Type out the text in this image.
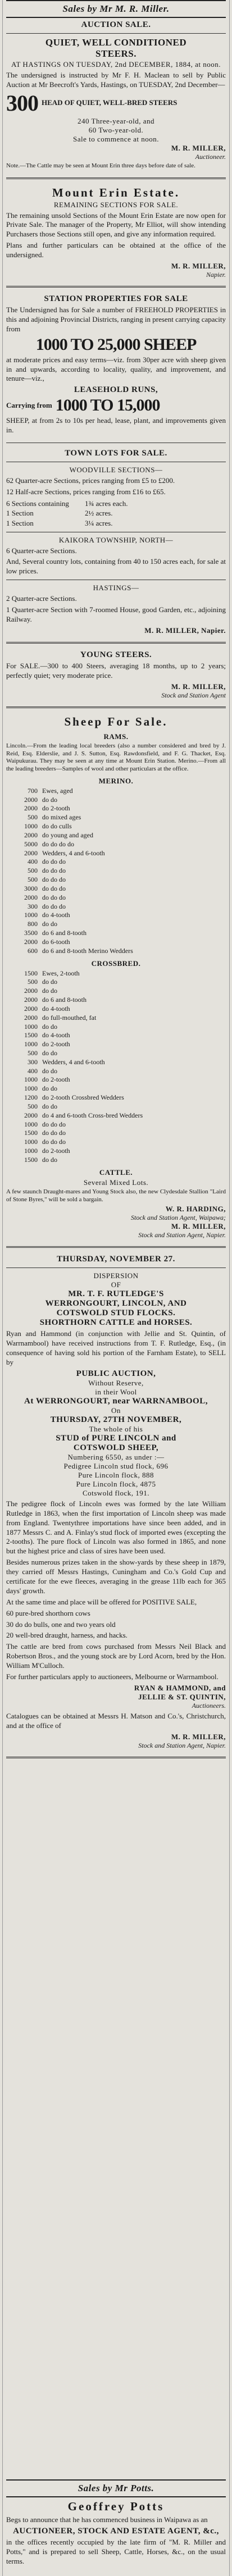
Sales by Mr M. R. Miller.
AUCTION SALE.
QUIET, WELL CONDITIONED
STEERS.
AT HASTINGS ON TUESDAY, 2nd DECEMBER, 1884, at noon.
The undersigned is instructed by Mr F. H. Maclean to sell by Public Auction at Mr Beecroft's Yards, Hastings, on TUESDAY, 2nd December—
300 HEAD OF QUIET, WELL-BRED STEERS
240 Three-year-old, and
60 Two-year-old.
Sale to commence at noon.
M. R. MILLER,
Auctioneer.
Note.—The Cattle may be seen at Mount Erin three days before date of sale.
Mount Erin Estate.
REMAINING SECTIONS FOR SALE.
The remaining unsold Sections of the Mount Erin Estate are now open for Private Sale. The manager of the Property, Mr Elliot, will show intending Purchasers those Sections still open, and give any information required.
Plans and further particulars can be obtained at the office of the undersigned.
M. R. MILLER,
Napier.
STATION PROPERTIES FOR SALE
The Undersigned has for Sale a number of FREEHOLD PROPERTIES in this and adjoining Provincial Districts, ranging in present carrying capacity from
1000 TO 25,000 SHEEP
at moderate prices and easy terms—viz. from 30per acre with sheep given in and upwards, according to locality, quality, and improvement, and tenure—viz.,
LEASEHOLD RUNS,
Carrying from 1000 TO 15,000
SHEEP, at from 2s to 10s per head, lease, plant, and improvements given in.
TOWN LOTS FOR SALE.
WOODVILLE SECTIONS—
62 Quarter-acre Sections, prices ranging from £5 to £200.
12 Half-acre Sections, prices ranging from £16 to £65.
6 Sections containing	1¾ acres each.
1 Section	2½ acres.
1 Section	3¼ acres.
KAIKORA TOWNSHIP, NORTH—
6 Quarter-acre Sections.
And, Several country lots, containing from 40 to 150 acres each, for sale at low prices.
HASTINGS—
2 Quarter-acre Sections.
1 Quarter-acre Section with 7-roomed House, good Garden, etc., adjoining Railway.
M. R. MILLER, Napier.
YOUNG STEERS.
For SALE.—300 to 400 Steers, averaging 18 months, up to 2 years; perfectly quiet; very moderate price.
M. R. MILLER,
Stock and Station Agent
Sheep For Sale.
RAMS.
Lincoln.—From the leading local breeders (also a number considered and bred by J. Reid, Esq. Elderslie, and J. S. Sutton, Esq. Rawdonsfield, and F. G. Thacket, Esq. Waipukurau. They may be seen at any time at Mount Erin Station. Merino.—From all the leading breeders—Samples of wool and other particulars at the office.
MERINO.
700 Ewes, aged
2000 do do
2000 do 2-tooth
500 do mixed ages
1000 do do culls
2000 do young and aged
5000 do do do do
2000 Wedders, 4 and 6-tooth
400 do do do
500 do do do
500 do do do
3000 do do do
2000 do do do
300 do do do
1000 do 4-tooth
800 do do
3500 do 6 and 8-tooth
2000 do 6-tooth
600 do 6 and 8-tooth Merino Wedders
CROSSBRED.
1500 Ewes, 2-tooth
500 do do
2000 do do
2000 do 6 and 8-tooth
2000 do 4-tooth
2000 do full-mouthed, fat
1000 do do
1500 do 4-tooth
1000 do 2-tooth
500 do do
300 Wedders, 4 and 6-tooth
400 do do
1000 do 2-tooth
1000 do do
1200 do 2-tooth Crossbred Wedders
500 do do
2000 do 4 and 6-tooth Cross-bred Wedders
1000 do do do
1500 do do do
1000 do do do
1000 do 2-tooth
1500 do do
CATTLE.
Several Mixed Lots.
A few staunch Draught-mares and Young Stock also, the new Clydesdale Stallion "Laird of Stone Byres," will be sold a bargain.
W. R. HARDING,
Stock and Station Agent, Waipawa;
M. R. MILLER,
Stock and Station Agent, Napier.
THURSDAY, NOVEMBER 27.
DISPERSION
OF
MR. T. F. RUTLEDGE'S
WERRONGOURT, LINCOLN, AND
COTSWOLD STUD FLOCKS.
SHORTHORN CATTLE and HORSES.
Ryan and Hammond (in conjunction with Jellie and St. Quintin, of Warrnambool) have received instructions from T. F. Rutledge, Esq., (in consequence of having sold his portion of the Farnham Estate), to SELL by
PUBLIC AUCTION,
Without Reserve,
in their Wool
At WERRONGOURT, near WARRNAMBOOL,
On
THURSDAY, 27TH NOVEMBER,
The whole of his
STUD of PURE LINCOLN and
COTSWOLD SHEEP,
Numbering 6550, as under :—
Pedigree Lincoln stud flock, 696
Pure Lincoln flock, 888
Pure Lincoln flock, 4875
Cotswold flock, 191.
The pedigree flock of Lincoln ewes was formed by the late William Rutledge in 1863, when the first importation of Lincoln sheep was made from England. Twentythree importations have since been added, and in 1877 Messrs C. and A. Finlay's stud flock of imported ewes (excepting the 2-tooths). The pure flock of Lincoln was also formed in 1865, and none but the highest price and class of sires have been used.
Besides numerous prizes taken in the show-yards by these sheep in 1879, they carried off Messrs Hastings, Cuningham and Co.'s Gold Cup and certificate for the ewe fleeces, averaging in the grease 11lb each for 365 days' growth.
At the same time and place will be offered for POSITIVE SALE,
60 pure-bred shorthorn cows
30 do do bulls, one and two years old
20 well-bred draught, harness, and hacks.
The cattle are bred from cows purchased from Messrs Neil Black and Robertson Bros., and the young stock are by Lord Acorn, bred by the Hon. William M'Culloch.
For further particulars apply to auctioneers, Melbourne or Warrnambool.
RYAN & HAMMOND, and
JELLIE & ST. QUINTIN,
Auctioneers.
Catalogues can be obtained at Messrs H. Matson and Co.'s, Christchurch, and at the office of
M. R. MILLER,
Stock and Station Agent, Napier.
Sales by Mr Potts.
Geoffrey Potts
Begs to announce that he has commenced business in Waipawa as an
AUCTIONEER, STOCK AND ESTATE AGENT, &c.,
in the offices recently occupied by the late firm of "M. R. Miller and Potts," and is prepared to sell Sheep, Cattle, Horses, &c., on the usual terms.
